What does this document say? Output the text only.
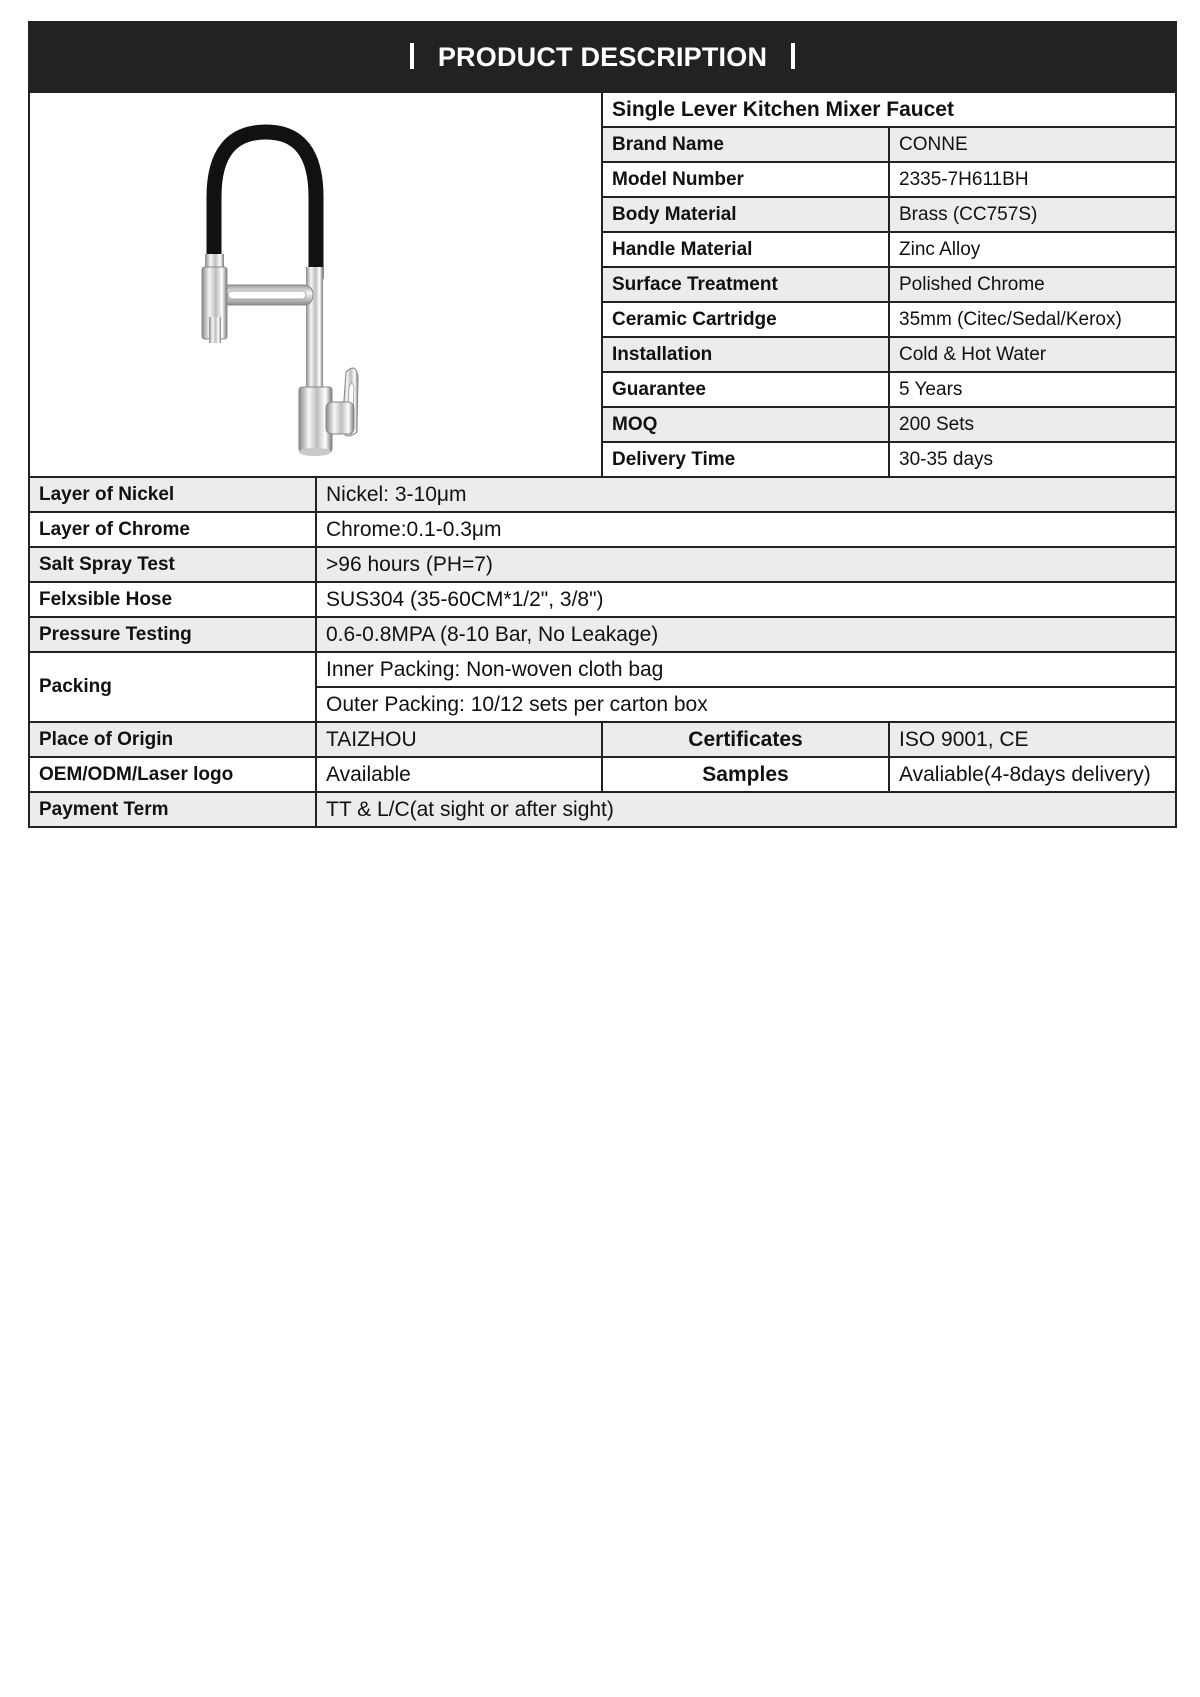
PRODUCT DESCRIPTION			
	Single Lever Kitchen Mixer Faucet	
		Brand Name	CONNE
		Model Number	2335-7H611BH
		Body Material	Brass (CC757S)
		Handle Material	Zinc Alloy
		Surface Treatment	Polished Chrome
		Ceramic Cartridge	35mm (Citec/Sedal/Kerox)
		Installation	Cold & Hot Water
		Guarantee	5 Years
		MOQ	200 Sets
		Delivery Time	30-35 days
Layer of Nickel	Nickel: 3-10μm		
Layer of Chrome	Chrome:0.1-0.3μm		
Salt Spray Test	>96 hours (PH=7)		
Felxsible Hose	SUS304 (35-60CM*1/2", 3/8")		
Pressure Testing	0.6-0.8MPA (8-10 Bar, No Leakage)		
Packing	Inner Packing: Non-woven cloth bag		
	Outer Packing: 10/12 sets per carton box		
Place of Origin	TAIZHOU	Certificates	ISO 9001, CE
OEM/ODM/Laser logo	Available	Samples	Avaliable(4-8days delivery)
Payment Term	TT & L/C(at sight or after sight)		
